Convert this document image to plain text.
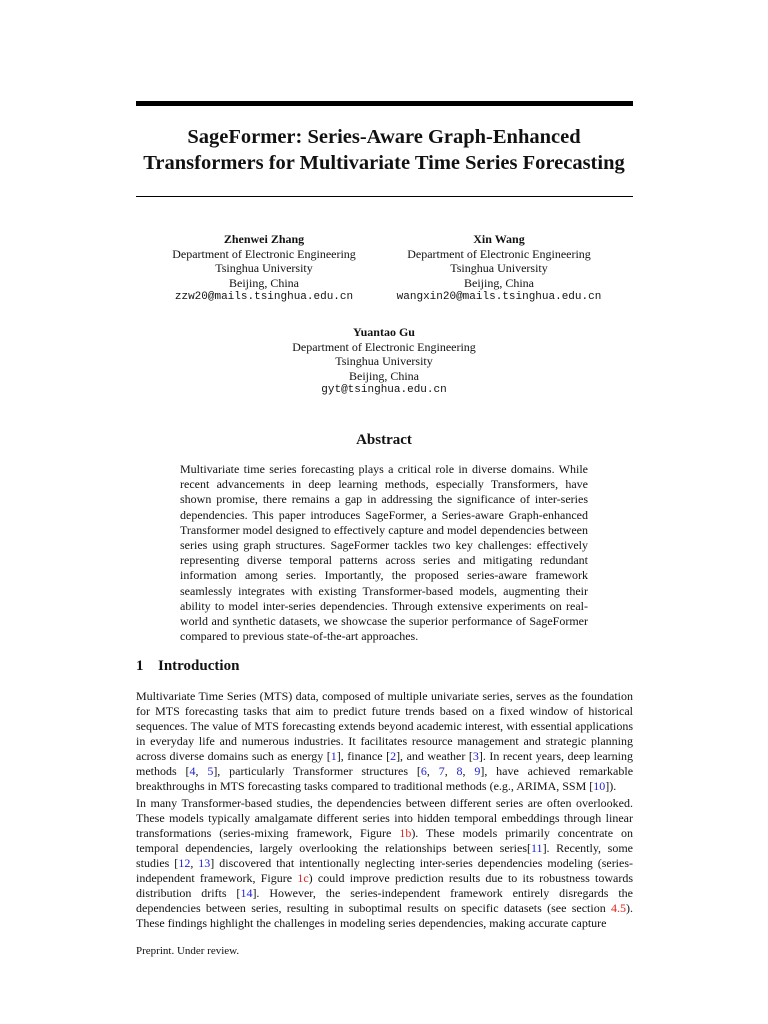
SageFormer: Series-Aware Graph-Enhanced
Transformers for Multivariate Time Series Forecasting
Zhenwei Zhang
Department of Electronic Engineering
Tsinghua University
Beijing, China
zzw20@mails.tsinghua.edu.cn
Xin Wang
Department of Electronic Engineering
Tsinghua University
Beijing, China
wangxin20@mails.tsinghua.edu.cn
Yuantao Gu
Department of Electronic Engineering
Tsinghua University
Beijing, China
gyt@tsinghua.edu.cn
Abstract

Multivariate time series forecasting plays a critical role in diverse domains. While recent advancements in deep learning methods, especially Transformers, have shown promise, there remains a gap in addressing the significance of inter-series dependencies. This paper introduces SageFormer, a Series-aware Graph-enhanced Transformer model designed to effectively capture and model dependencies between series using graph structures. SageFormer tackles two key challenges: effectively representing diverse temporal patterns across series and mitigating redundant information among series. Importantly, the proposed series-aware framework seamlessly integrates with existing Transformer-based models, augmenting their ability to model inter-series dependencies. Through extensive experiments on real-world and synthetic datasets, we showcase the superior performance of SageFormer compared to previous state-of-the-art approaches.

1 Introduction

Multivariate Time Series (MTS) data, composed of multiple univariate series, serves as the foundation for MTS forecasting tasks that aim to predict future trends based on a fixed window of historical sequences. The value of MTS forecasting extends beyond academic interest, with essential applications in everyday life and numerous industries. It facilitates resource management and strategic planning across diverse domains such as energy [1], finance [2], and weather [3]. In recent years, deep learning methods [4, 5], particularly Transformer structures [6, 7, 8, 9], have achieved remarkable breakthroughs in MTS forecasting tasks compared to traditional methods (e.g., ARIMA, SSM [10]).

In many Transformer-based studies, the dependencies between different series are often overlooked. These models typically amalgamate different series into hidden temporal embeddings through linear transformations (series-mixing framework, Figure 1b). These models primarily concentrate on temporal dependencies, largely overlooking the relationships between series[11]. Recently, some studies [12, 13] discovered that intentionally neglecting inter-series dependencies modeling (series-independent framework, Figure 1c) could improve prediction results due to its robustness towards distribution drifts [14]. However, the series-independent framework entirely disregards the dependencies between series, resulting in suboptimal results on specific datasets (see section 4.5). These findings highlight the challenges in modeling series dependencies, making accurate capture

Preprint. Under review.
